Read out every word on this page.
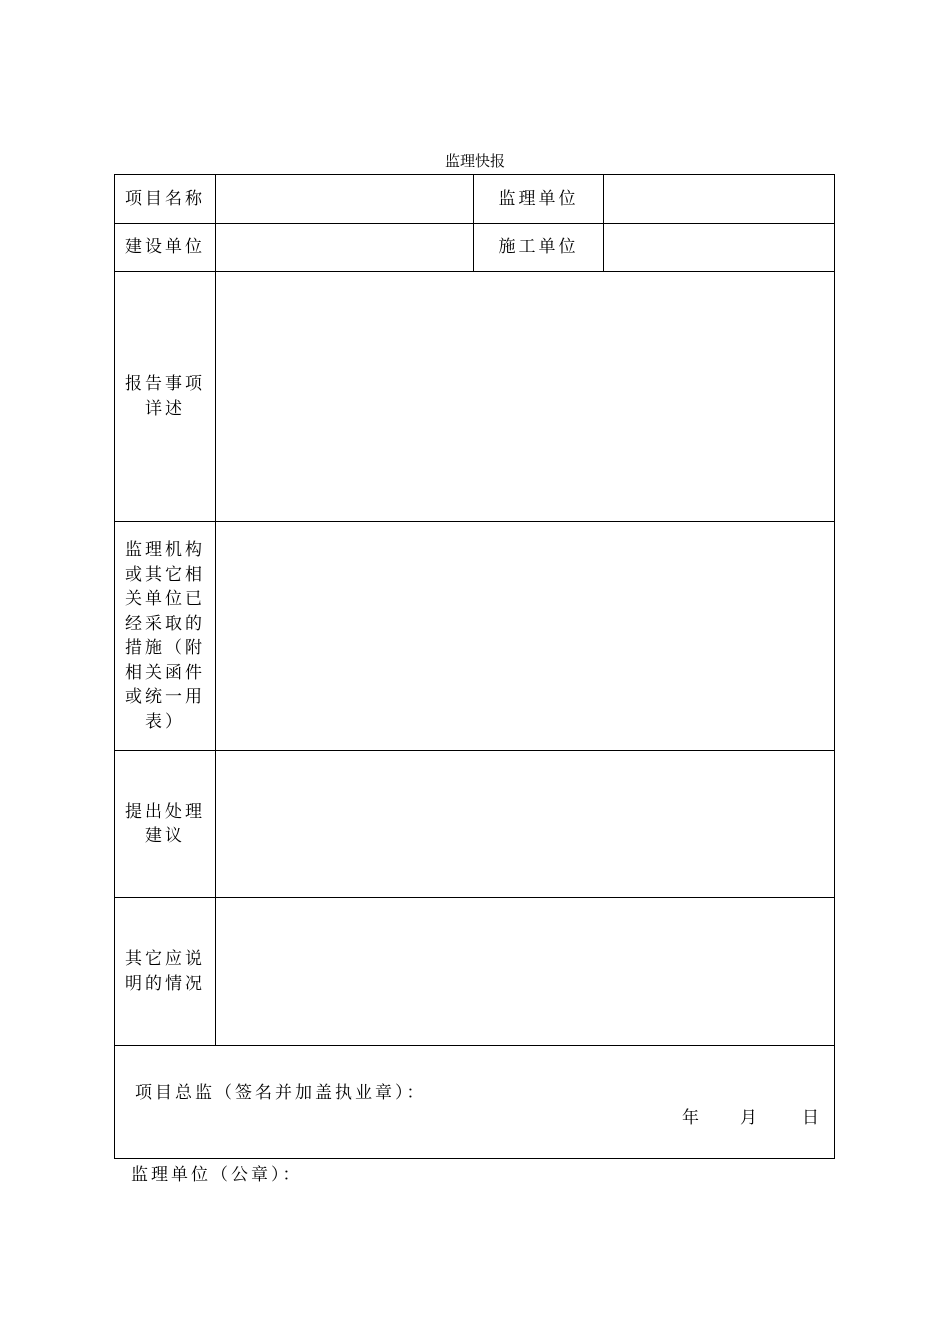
监理快报
项目名称		监理单位	
建设单位		施工单位	
报告事项详述			
监理机构或其它相关单位已经采取的措施（附相关函件或统一用表）			
提出处理建议			
其它应说明的情况			

项目总监（签名并加盖执业章）：
年 月 日			
监理单位（公章）：
